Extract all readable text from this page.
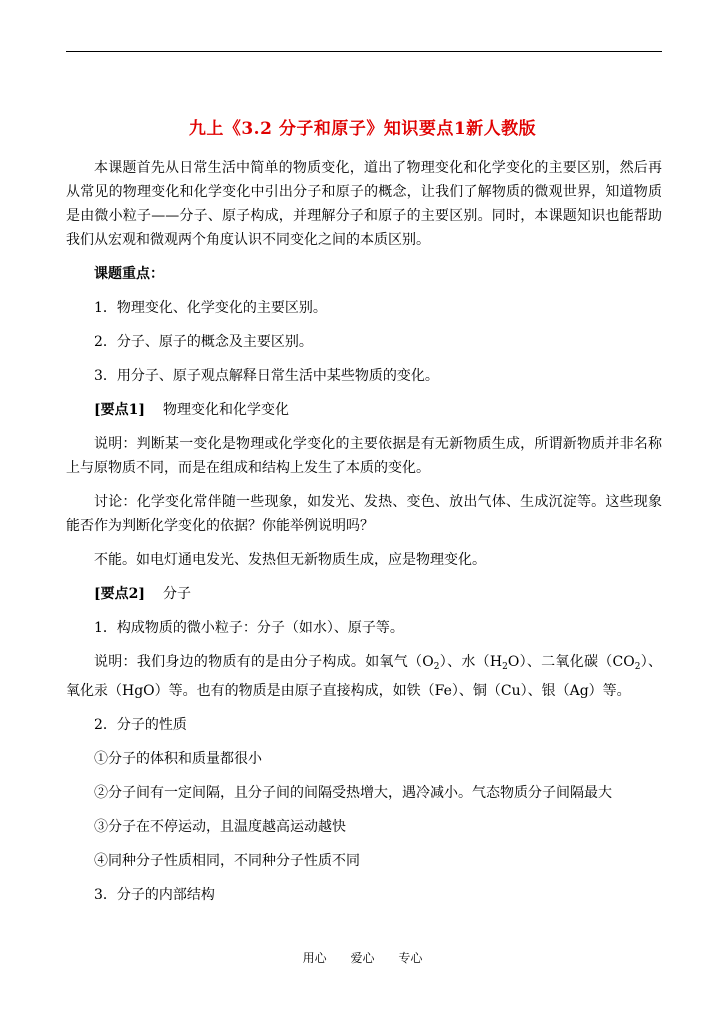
九上《3.2 分子和原子》知识要点1新人教版

本课题首先从日常生活中简单的物质变化，道出了物理变化和化学变化的主要区别，然后再从常见的物理变化和化学变化中引出分子和原子的概念，让我们了解物质的微观世界，知道物质是由微小粒子——分子、原子构成，并理解分子和原子的主要区别。同时，本课题知识也能帮助我们从宏观和微观两个角度认识不同变化之间的本质区别。

课题重点：

1．物理变化、化学变化的主要区别。

2．分子、原子的概念及主要区别。

3．用分子、原子观点解释日常生活中某些物质的变化。

[要点1] 物理变化和化学变化

说明：判断某一变化是物理或化学变化的主要依据是有无新物质生成，所谓新物质并非名称上与原物质不同，而是在组成和结构上发生了本质的变化。

讨论：化学变化常伴随一些现象，如发光、发热、变色、放出气体、生成沉淀等。这些现象能否作为判断化学变化的依据？你能举例说明吗？

不能。如电灯通电发光、发热但无新物质生成，应是物理变化。

[要点2] 分子

1．构成物质的微小粒子：分子（如水）、原子等。

说明：我们身边的物质有的是由分子构成。如氧气$(O_2)$、水$(H_2O)$、二氧化碳$(CO_2)$、氧化汞（HgO）等。也有的物质是由原子直接构成，如铁（Fe）、铜（Cu）、银（Ag）等。

2．分子的性质

①分子的体积和质量都很小

②分子间有一定间隔，且分子间的间隔受热增大，遇冷减小。气态物质分子间隔最大

③分子在不停运动，且温度越高运动越快

④同种分子性质相同，不同种分子性质不同

3．分子的内部结构

用心 爱心 专心
